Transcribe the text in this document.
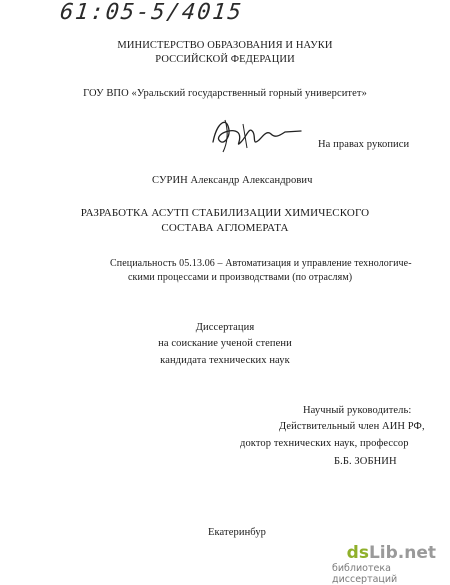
61:05-5/4015
МИНИСТЕРСТВО ОБРАЗОВАНИЯ И НАУКИ
РОССИЙСКОЙ ФЕДЕРАЦИИ
ГОУ ВПО «Уральский государственный горный университет»
На правах рукописи
СУРИН Александр Александрович
РАЗРАБОТКА АСУТП СТАБИЛИЗАЦИИ ХИМИЧЕСКОГО
СОСТАВА АГЛОМЕРАТА
Специальность 05.13.06 – Автоматизация и управление технологиче-
скими процессами и производствами (по отраслям)
Диссертация
на соискание ученой степени
кандидата технических наук
Научный руководитель:
Действительный член АИН РФ,
доктор технических наук, профессор
Б.Б. ЗОБНИН
Екатеринбур
dsLib.net
библиотека диссертаций
